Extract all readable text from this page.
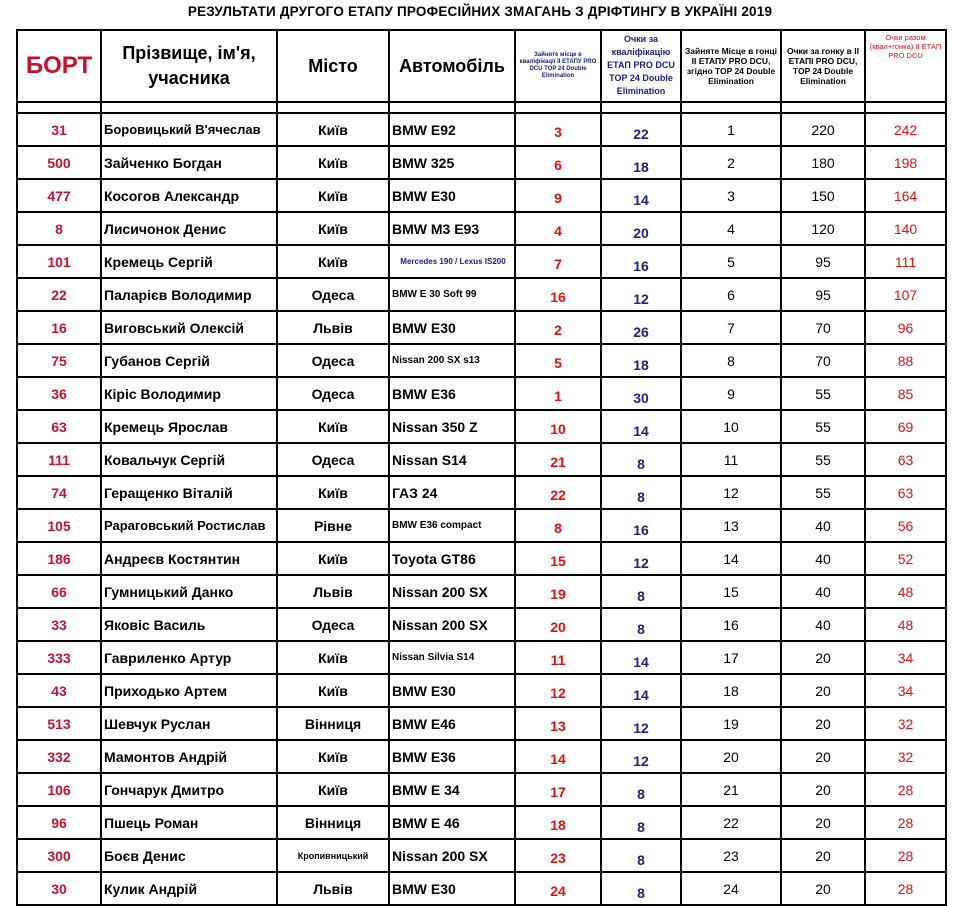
РЕЗУЛЬТАТИ ДРУГОГО ЕТАПУ ПРОФЕСІЙНИХ ЗМАГАНЬ З ДРІФТИНГУ В УКРАЇНІ 2019
БОРТ	Прізвище, ім'я, учасника	Місто	Автомобіль	Зайняте місце в кваліфікації II ЕТАПУ PRO DCU TOP 24 Double Elimination	Очки за кваліфікацію ЕТАП PRO DCU TOP 24 Double Elimination	Зайняте Місце в гонці II ЕТАПУ PRO DCU, згідно TOP 24 Double Elimination	Очки за гонку в II ЕТАПІ PRO DCU, TOP 24 Double Elimination	Очки разом (квал+гонка) II ЕТАП PRO DCU

31	Боровицький В'ячеслав	Київ	BMW E92	3	22	1	220	242
500	Зайченко Богдан	Київ	BMW 325	6	18	2	180	198
477	Косогов Александр	Київ	BMW E30	9	14	3	150	164
8	Лисичонок Денис	Київ	BMW M3 E93	4	20	4	120	140
101	Кремець Сергій	Київ	Mercedes 190 / Lexus IS200	7	16	5	95	111
22	Паларієв Володимир	Одеса	BMW E 30 Soft 99	16	12	6	95	107
16	Виговський Олексій	Львів	BMW E30	2	26	7	70	96
75	Губанов Сергій	Одеса	Nissan 200 SX s13	5	18	8	70	88
36	Кіріс Володимир	Одеса	BMW E36	1	30	9	55	85
63	Кремець Ярослав	Київ	Nissan 350 Z	10	14	10	55	69
111	Ковальчук Сергій	Одеса	Nissan S14	21	8	11	55	63
74	Геращенко Віталій	Київ	ГАЗ 24	22	8	12	55	63
105	Рараговський Ростислав	Рівне	BMW E36 compact	8	16	13	40	56
186	Андреєв Костянтин	Київ	Toyota GT86	15	12	14	40	52
66	Гумницький Данко	Львів	Nissan 200 SX	19	8	15	40	48
33	Яковіс Василь	Одеса	Nissan 200 SX	20	8	16	40	48
333	Гавриленко Артур	Київ	Nissan Silvia S14	11	14	17	20	34
43	Приходько Артем	Київ	BMW E30	12	14	18	20	34
513	Шевчук Руслан	Вінниця	BMW E46	13	12	19	20	32
332	Мамонтов Андрій	Київ	BMW E36	14	12	20	20	32
106	Гончарук Дмитро	Київ	BMW E 34	17	8	21	20	28
96	Пшець Роман	Вінниця	BMW E 46	18	8	22	20	28
300	Боєв Денис	Кропивницький	Nissan 200 SX	23	8	23	20	28
30	Кулик Андрій	Львів	BMW E30	24	8	24	20	28
